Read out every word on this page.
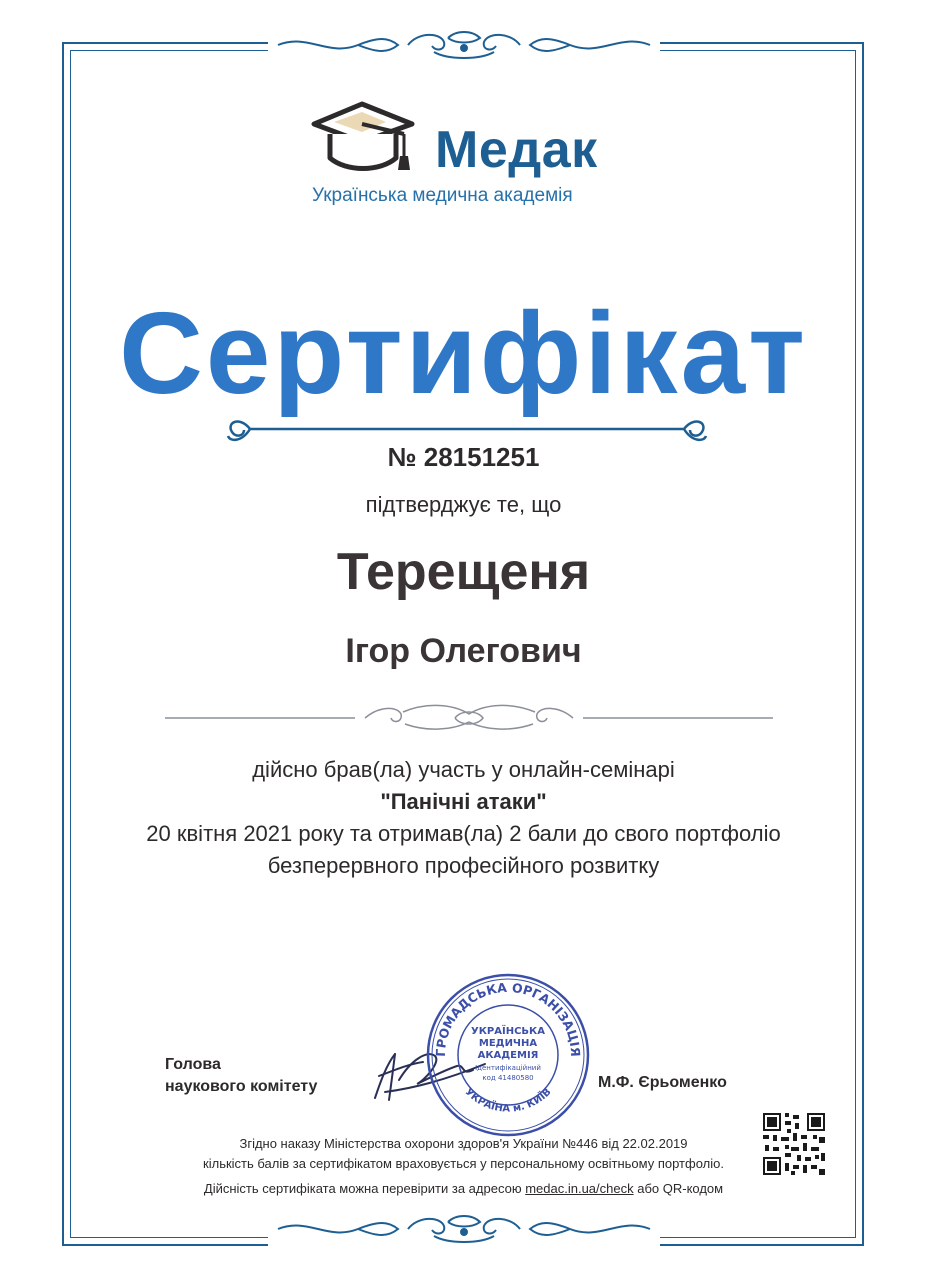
Медак
Українська медична академія
Сертифікат
№ 28151251
підтверджує те, що
Терещеня
Ігор Олегович
дійсно брав(ла) участь у онлайн-семінарі
"Панічні атаки"
20 квітня 2021 року та отримав(ла) 2 бали до свого портфоліо
безперервного професійного розвитку
Голова
наукового комітету
ГРОМАДСЬКА ОРГАНІЗАЦІЯ
УКРАЇНА м. КИЇВ
УКРАЇНСЬКА
МЕДИЧНА
АКАДЕМІЯ
Ідентифікаційний
код 41480580	М.Ф. Єрьоменко
Згідно наказу Міністерства охорони здоров'я України №446 від 22.02.2019
кількість балів за сертифікатом враховується у персональному освітньому портфоліо.
Дійсність сертифіката можна перевірити за адресою medac.in.ua/check або QR-кодом
